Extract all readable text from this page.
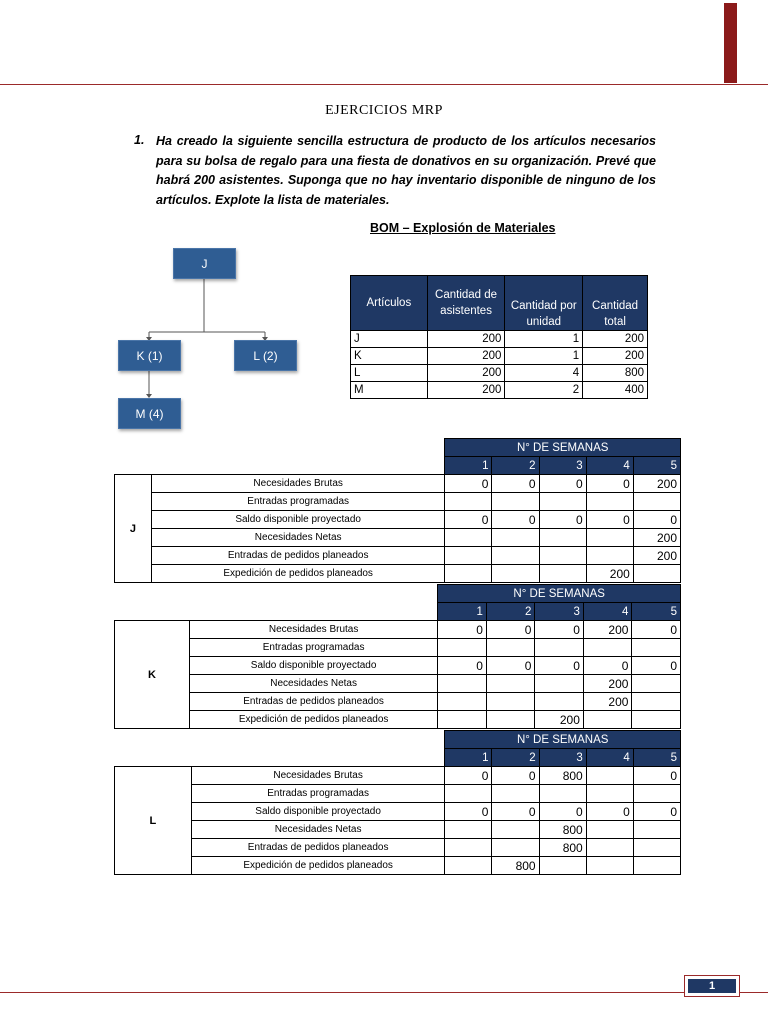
EJERCICIOS MRP
1. Ha creado la siguiente sencilla estructura de producto de los artículos necesarios para su bolsa de regalo para una fiesta de donativos en su organización. Prevé que habrá 200 asistentes. Suponga que no hay inventario disponible de ninguno de los artículos. Explote la lista de materiales.
BOM – Explosión de Materiales
J
K (1)	L (2)
M (4)
Artículos	Cantidad de asistentes	Cantidad por unidad	Cantidad total
J	200	1	200
K	200	1	200
L	200	4	800
M	200	2	400
		N° DE SEMANAS				
		1	2	3	4	5
J	Necesidades Brutas	0	0	0	0	200
	Entradas programadas					
	Saldo disponible proyectado	0	0	0	0	0
	Necesidades Netas					200
	Entradas de pedidos planeados					200
	Expedición de pedidos planeados				200	
		N° DE SEMANAS				
		1	2	3	4	5
K	Necesidades Brutas	0	0	0	200	0
	Entradas programadas					
	Saldo disponible proyectado	0	0	0	0	0
	Necesidades Netas				200	
	Entradas de pedidos planeados				200	
	Expedición de pedidos planeados			200		
		N° DE SEMANAS				
		1	2	3	4	5
L	Necesidades Brutas	0	0	800		0
	Entradas programadas					
	Saldo disponible proyectado	0	0	0	0	0
	Necesidades Netas			800		
	Entradas de pedidos planeados			800		
	Expedición de pedidos planeados		800			
1
